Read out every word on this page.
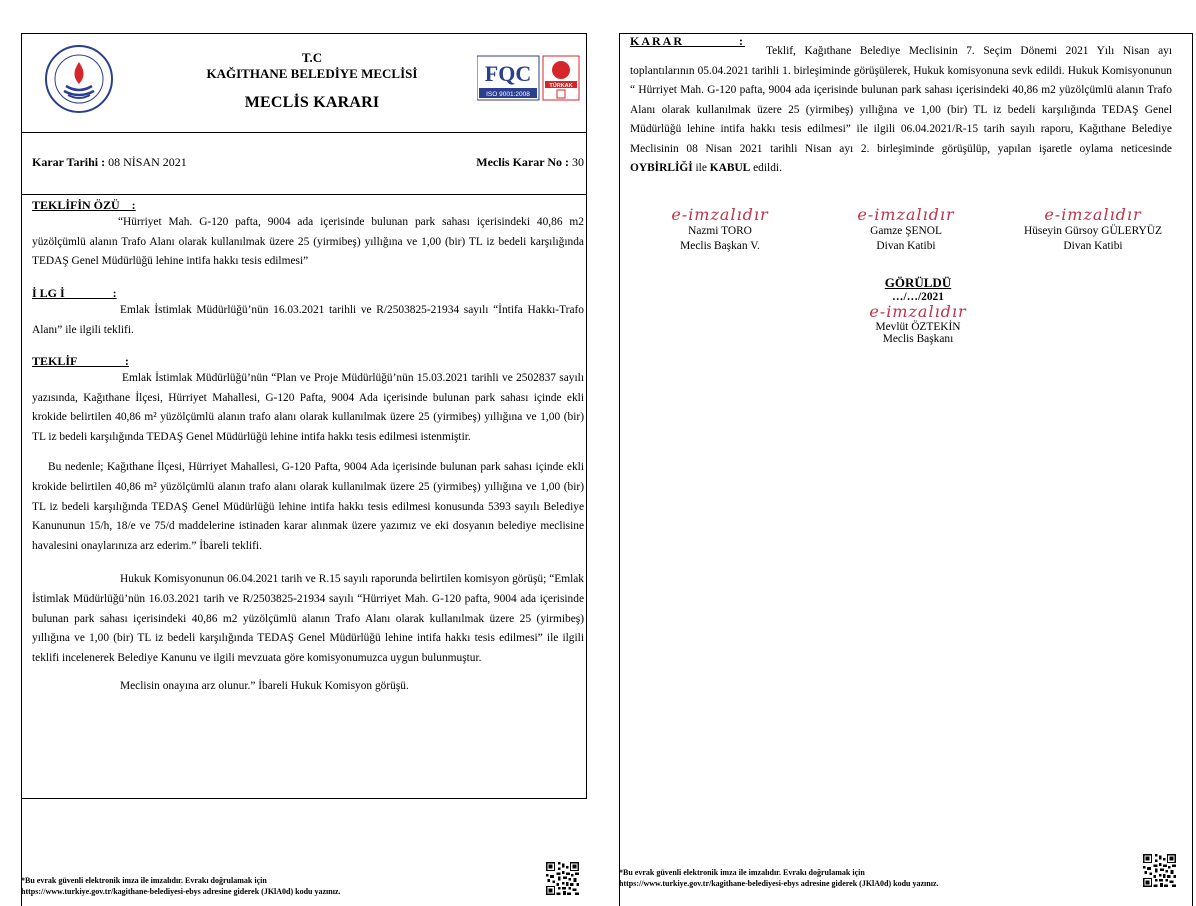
T.C
KAĞITHANE BELEDİYE MECLİSİ
MECLİS KARARI
FQC
ISO 9001:2008
TÜRKAK
Karar Tarihi : 08 NİSAN 2021	Meclis Karar No : 30
TEKLİFİN ÖZÜ    :

“Hürriyet Mah. G-120 pafta, 9004 ada içerisinde bulunan park sahası içerisindeki 40,86 m2 yüzölçümlü alanın Trafo Alanı olarak kullanılmak üzere 25 (yirmibeş) yıllığına ve 1,00 (bir) TL iz bedeli karşılığında TEDAŞ Genel Müdürlüğü lehine intifa hakkı tesis edilmesi”

İ LG İ                :

Emlak İstimlak Müdürlüğü’nün 16.03.2021 tarihli ve R/2503825-21934 sayılı “İntifa Hakkı-Trafo Alanı” ile ilgili teklifi.

TEKLİF                :

Emlak İstimlak Müdürlüğü’nün “Plan ve Proje Müdürlüğü’nün 15.03.2021 tarihli ve 2502837 sayılı yazısında, Kağıthane İlçesi, Hürriyet Mahallesi, G-120 Pafta, 9004 Ada içerisinde bulunan park sahası içinde ekli krokide belirtilen 40,86 m² yüzölçümlü alanın trafo alanı olarak kullanılmak üzere 25 (yirmibeş) yıllığına ve 1,00 (bir) TL iz bedeli karşılığında TEDAŞ Genel Müdürlüğü lehine intifa hakkı tesis edilmesi istenmiştir.

Bu nedenle; Kağıthane İlçesi, Hürriyet Mahallesi, G-120 Pafta, 9004 Ada içerisinde bulunan park sahası içinde ekli krokide belirtilen 40,86 m² yüzölçümlü alanın trafo alanı olarak kullanılmak üzere 25 (yirmibeş) yıllığına ve 1,00 (bir) TL iz bedeli karşılığında TEDAŞ Genel Müdürlüğü lehine intifa hakkı tesis edilmesi konusunda 5393 sayılı Belediye Kanununun 15/h, 18/e ve 75/d maddelerine istinaden karar alınmak üzere yazımız ve eki dosyanın belediye meclisine havalesini onaylarınıza arz ederim.” İbareli teklifi.

Hukuk Komisyonunun 06.04.2021 tarih ve R.15 sayılı raporunda belirtilen komisyon görüşü; “Emlak İstimlak Müdürlüğü’nün 16.03.2021 tarih ve R/2503825-21934 sayılı “Hürriyet Mah. G-120 pafta, 9004 ada içerisinde bulunan park sahası içerisindeki 40,86 m2 yüzölçümlü alanın Trafo Alanı olarak kullanılmak üzere 25 (yirmibeş) yıllığına ve 1,00 (bir) TL iz bedeli karşılığında TEDAŞ Genel Müdürlüğü lehine intifa hakkı tesis edilmesi” ile ilgili teklifi incelenerek Belediye Kanunu ve ilgili mevzuata göre komisyonumuzca uygun bulunmuştur.

Meclisin onayına arz olunur.” İbareli Hukuk Komisyon görüşü.

*Bu evrak güvenli elektronik imza ile imzalıdır. Evrakı doğrulamak için
https://www.turkiye.gov.tr/kagithane-belediyesi-ebys adresine giderek (JKlA0d) kodu yazınız.
KARAR           :
Teklif, Kağıthane Belediye Meclisinin 7. Seçim Dönemi 2021 Yılı Nisan ayı toplantılarının 05.04.2021 tarihli 1. birleşiminde görüşülerek, Hukuk komisyonuna sevk edildi. Hukuk Komisyonunun “ Hürriyet Mah. G-120 pafta, 9004 ada içerisinde bulunan park sahası içerisindeki 40,86 m2 yüzölçümlü alanın Trafo Alanı olarak kullanılmak üzere 25 (yirmibeş) yıllığına ve 1,00 (bir) TL iz bedeli karşılığında TEDAŞ Genel Müdürlüğü lehine intifa hakkı tesis edilmesi” ile ilgili 06.04.2021/R-15 tarih sayılı raporu, Kağıthane Belediye Meclisinin 08 Nisan 2021 tarihli Nisan ayı 2. birleşiminde görüşülüp, yapılan işaretle oylama neticesinde OYBİRLİĞİ ile KABUL edildi.
e-imzalıdır
Nazmi TORO
Meclis Başkan V.
e-imzalıdır
Gamze ŞENOL
Divan Katibi
e-imzalıdır
Hüseyin Gürsoy GÜLERYÜZ
Divan Katibi
GÖRÜLDÜ
…/…/2021
e-imzalıdır
Mevlüt ÖZTEKİN
Meclis Başkanı
*Bu evrak güvenli elektronik imza ile imzalıdır. Evrakı doğrulamak için
https://www.turkiye.gov.tr/kagithane-belediyesi-ebys adresine giderek (JKlA0d) kodu yazınız.
